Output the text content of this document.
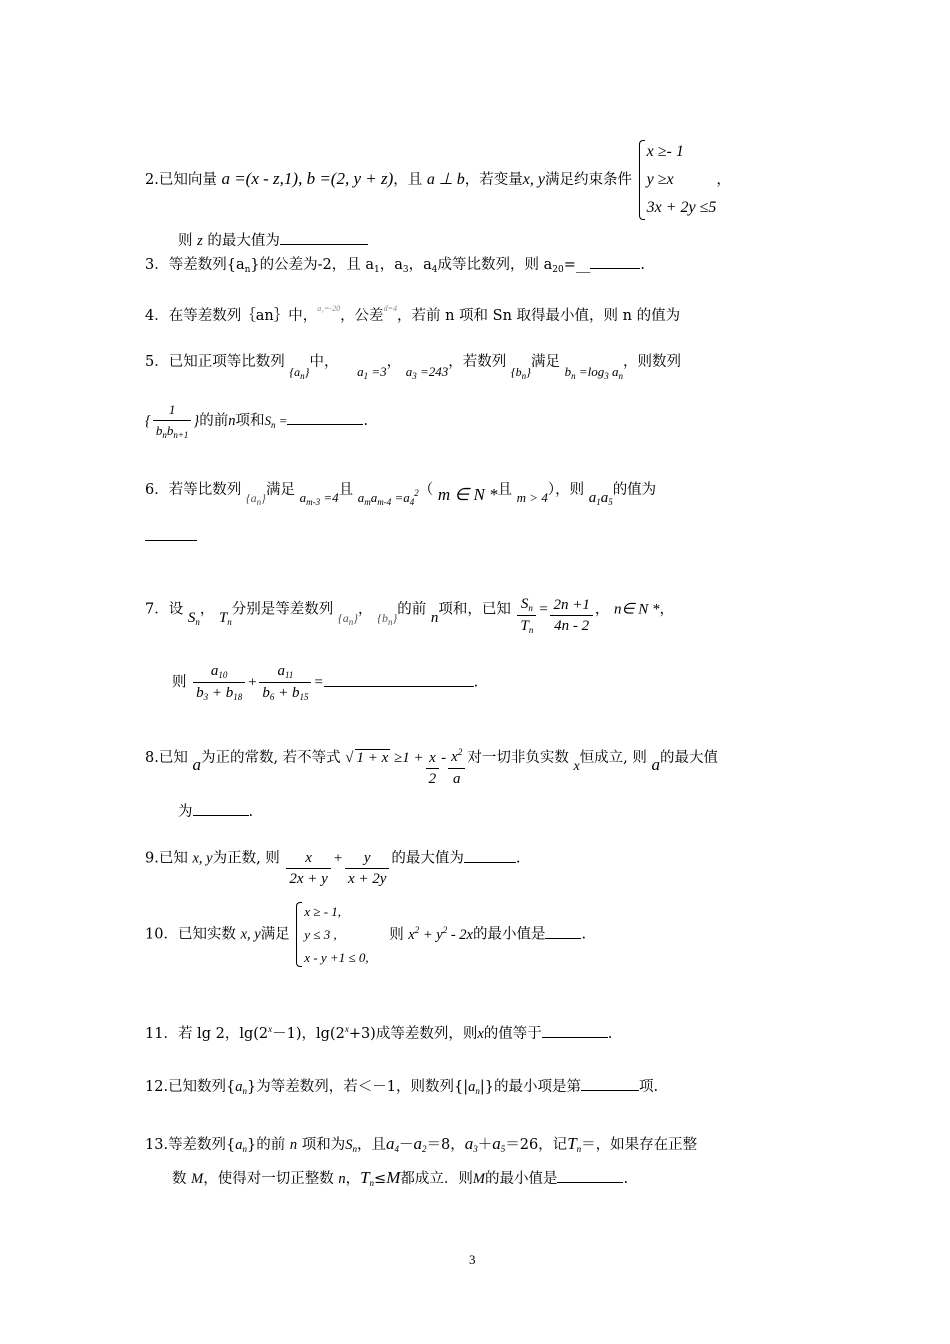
2.已知向量 a =(x - z,1), b =(2, y + z)，且 a ⊥ b，若变量x, y满足约束条件
x ≥- 1
y ≥x
3x + 2y ≤5
，
则 z 的最大值为
3．等差数列$\{a_n\}$的公差为-2，且 $a_1$，$a_3$，$a_4$成等比数列，则 $a_{20}=\_\_$	.
4．在等差数列｛an｝中，$^{a_1=-20}$，公差$^{d=4}$，若前 n 项和 Sn 取得最小值，则 n 的值为
5．已知正项等比数列 $_{\{a_n\}}$中， $a_1 =3$， $a_3 =243$，若数列 $_{\{b_n\}}$满足 $b_n =\log_3$ $a_n$，则数列
{ $\frac{1}{b_nb_{n+1}}$ }的前n项和$S_n$ =	.
6．若等比数列 $_{\{a_n\}}$满足 $a_{m-3} =4$且 $a_ma_{m-4} =a_4^2$（ m ∈ N *且 m > 4），则 $a_1a_5$的值为
7．设 $S_n$， $T_n$分别是等差数列 $_{\{a_n\}}$， $_{\{b_n\}}$的前 n项和，已知 $\frac{S_n}{T_n} = \frac{2n +1}{4n - 2}$ ， n∈ N *，
则 $\frac{a_{10}}{b_3 + b_{18}} + \frac{a_{11}}{b_6 + b_{15}}$ =	.
8.已知 a为正的常数, 若不等式 √ $1 + x \ge 1 + \frac{x}{2} - \frac{x^2}{a}$ 对一切非负实数 x恒成立, 则 a的最大值
为	.
9.已知 x, y为正数, 则 $\frac{x}{2x + y} + \frac{y}{x + 2y}$ 的最大值为	.
10．已知实数 x, y满足
x ≥ - 1,
y ≤ 3 ,
x - y +1 ≤ 0,
则 $x^2 + y^2 - 2x$的最小值是 .
11．若 lg 2，$\lg(2^x-1)$，$\lg(2^x+3)$成等差数列，则x的值等于	.
12.已知数列$\{a_n\}$为等差数列，若＜－1，则数列$\{|a_n|\}$的最小项是第	项.
13.等差数列$\{a_n\}$的前 n 项和为$S_n$，且a4－a2＝8，a3＋a5＝26，记Tn＝，如果存在正整
数 M，使得对一切正整数 n，Tn≤M都成立．则M的最小值是	.
3
